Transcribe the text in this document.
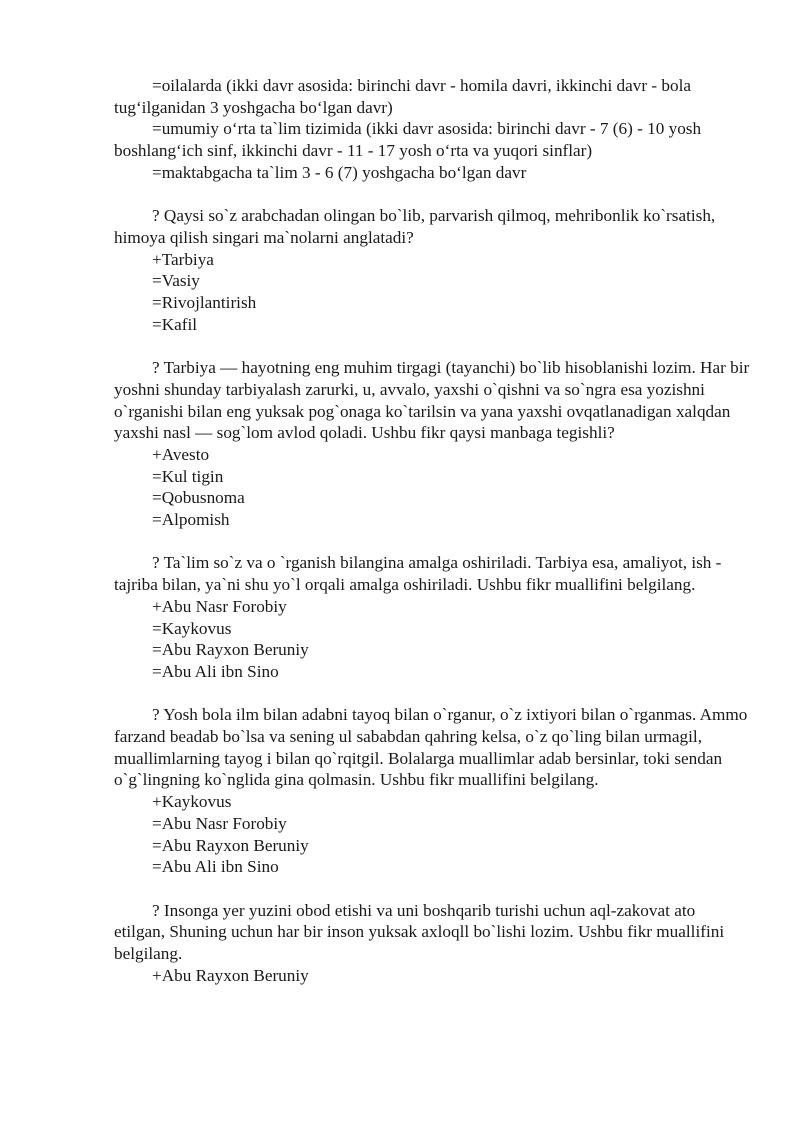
=oilalarda (ikki davr asosida: birinchi davr - homila davri, ikkinchi davr - bola tug‘ilganidan 3 yoshgacha bo‘lgan davr)

=umumiy o‘rta ta`lim tizimida (ikki davr asosida: birinchi davr - 7 (6) - 10 yosh boshlang‘ich sinf, ikkinchi davr - 11 - 17 yosh o‘rta va yuqori sinflar)

=maktabgacha ta`lim 3 - 6 (7) yoshgacha bo‘lgan davr

? Qaysi so`z arabchadan olingan bo`lib, parvarish qilmoq, mehribonlik ko`rsatish, himoya qilish singari ma`nolarni anglatadi?

+Tarbiya

=Vasiy

=Rivojlantirish

=Kafil

? Tarbiya — hayotning eng muhim tirgagi (tayanchi) bo`lib hisoblanishi lozim. Har bir yoshni shunday tarbiyalash zarurki, u, avvalo, yaxshi o`qishni va so`ngra esa yozishni o`rganishi bilan eng yuksak pog`onaga ko`tarilsin va yana yaxshi ovqatlanadigan xalqdan yaxshi nasl — sog`lom avlod qoladi. Ushbu fikr qaysi manbaga tegishli?

+Avesto

=Kul tigin

=Qobusnoma

=Alpomish

? Ta`lim so`z va o `rganish bilangina amalga oshiriladi. Tarbiya esa, amaliyot, ish -tajriba bilan, ya`ni shu yo`l orqali amalga oshiriladi. Ushbu fikr muallifini belgilang.

+Abu Nasr Forobiy

=Kaykovus

=Abu Rayxon Beruniy

=Abu Ali ibn Sino

? Yosh bola ilm bilan adabni tayoq bilan o`rganur, o`z ixtiyori bilan o`rganmas. Ammo farzand beadab bo`lsa va sening ul sababdan qahring kelsa, o`z qo`ling bilan urmagil, muallimlarning tayog i bilan qo`rqitgil. Bolalarga muallimlar adab bersinlar, toki sendan o`g`lingning ko`nglida gina qolmasin. Ushbu fikr muallifini belgilang.

+Kaykovus

=Abu Nasr Forobiy

=Abu Rayxon Beruniy

=Abu Ali ibn Sino

? Insonga yer yuzini obod etishi va uni boshqarib turishi uchun aql-zakovat ato etilgan, Shuning uchun har bir inson yuksak axloqll bo`lishi lozim. Ushbu fikr muallifini belgilang.

+Abu Rayxon Beruniy
